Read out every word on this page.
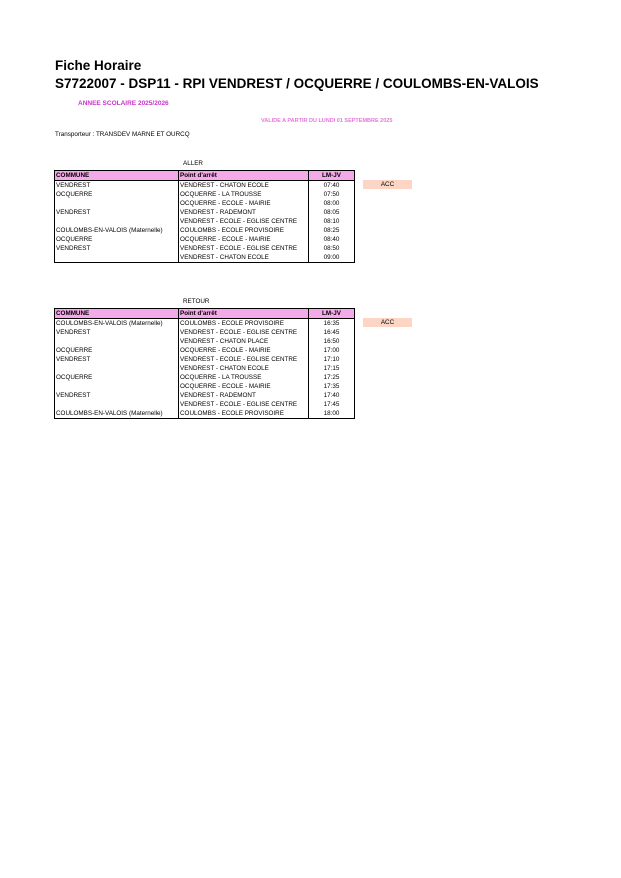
Fiche Horaire
S7722007 - DSP11 - RPI VENDREST / OCQUERRE / COULOMBS-EN-VALOIS
ANNEE SCOLAIRE 2025/2026
VALIDE A PARTIR DU LUNDI 01 SEPTEMBRE 2025
Transporteur : TRANSDEV MARNE ET OURCQ
ALLER
COMMUNE	Point d'arrêt	LM-JV
VENDREST	VENDREST - CHATON ECOLE	07:40
OCQUERRE	OCQUERRE - LA TROUSSE	07:50
	OCQUERRE - ECOLE - MAIRIE	08:00
VENDREST	VENDREST - RADEMONT	08:05
	VENDREST - ECOLE - EGLISE CENTRE	08:10
COULOMBS-EN-VALOIS (Maternelle)	COULOMBS - ECOLE PROVISOIRE	08:25
OCQUERRE	OCQUERRE - ECOLE - MAIRIE	08:40
VENDREST	VENDREST - ECOLE - EGLISE CENTRE	08:50
	VENDREST - CHATON ECOLE	09:00
ACC
RETOUR
COMMUNE	Point d'arrêt	LM-JV
COULOMBS-EN-VALOIS (Maternelle)	COULOMBS - ECOLE PROVISOIRE	16:35
VENDREST	VENDREST - ECOLE - EGLISE CENTRE	16:45
	VENDREST - CHATON PLACE	16:50
OCQUERRE	OCQUERRE - ECOLE - MAIRIE	17:00
VENDREST	VENDREST - ECOLE - EGLISE CENTRE	17:10
	VENDREST - CHATON ECOLE	17:15
OCQUERRE	OCQUERRE - LA TROUSSE	17:25
	OCQUERRE - ECOLE - MAIRIE	17:35
VENDREST	VENDREST - RADEMONT	17:40
	VENDREST - ECOLE - EGLISE CENTRE	17:45
COULOMBS-EN-VALOIS (Maternelle)	COULOMBS - ECOLE PROVISOIRE	18:00
ACC
